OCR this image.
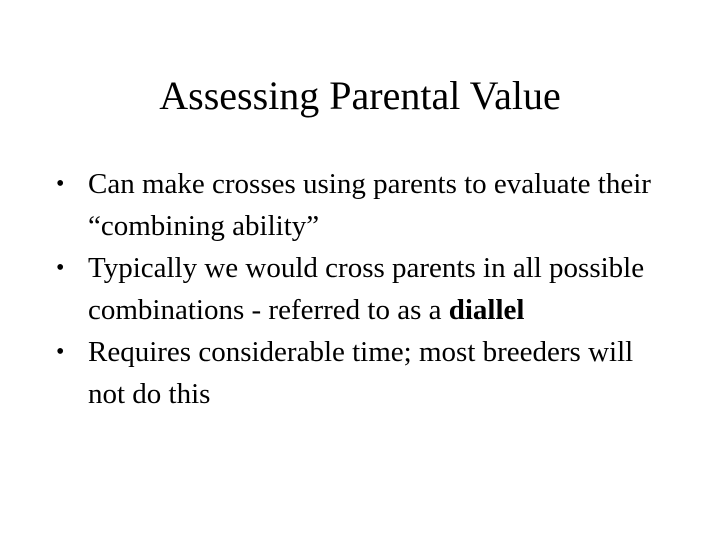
Assessing Parental Value
• Can make crosses using parents to evaluate their “combining ability”
• Typically we would cross parents in all possible combinations - referred to as a diallel
• Requires considerable time; most breeders will not do this
